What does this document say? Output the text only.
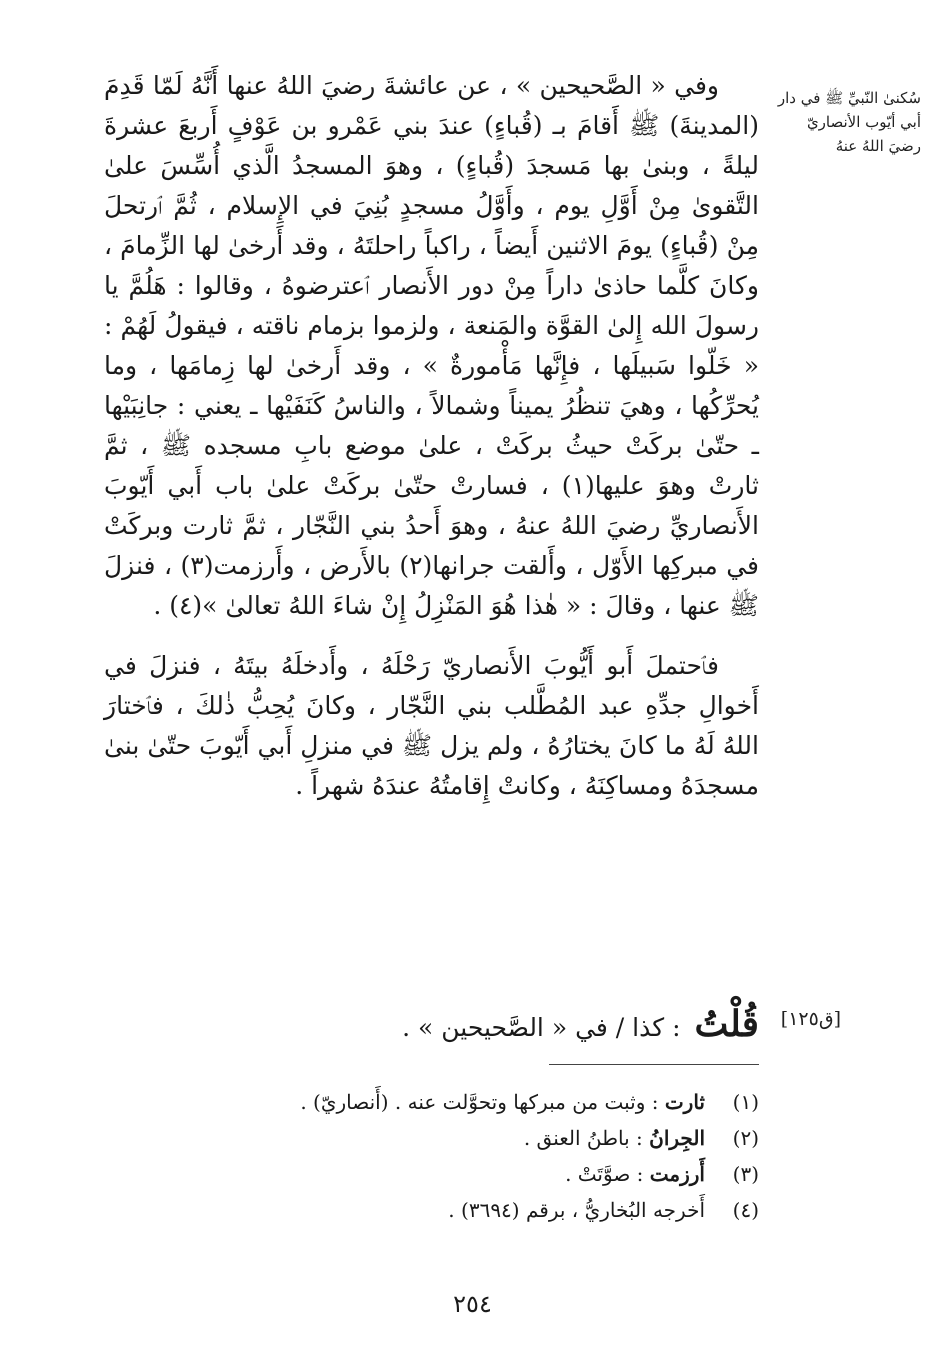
سُكنىٰ النّبيِّ ﷺ في دار
أبي أيّوب الأنصاريّ
رضيَ اللهُ عنهُ

وفي « الصَّحيحين » ، عن عائشةَ رضيَ اللهُ عنها أَنَّهُ لَمّا قَدِمَ (المدينةَ) ﷺ أَقامَ بـ (قُباءٍ) عندَ بني عَمْرو بن عَوْفٍ أَربعَ عشرةَ ليلةً ، وبنىٰ بها مَسجدَ (قُباءٍ) ، وهوَ المسجدُ الَّذي أُسِّسَ علىٰ التَّقوىٰ مِنْ أَوَّلِ يوم ، وأَوَّلُ مسجدٍ بُنِيَ في الإِسلام ، ثُمَّ ٱرتحلَ مِنْ (قُباءٍ) يومَ الاثنين أَيضاً ، راكباً راحلتَهُ ، وقد أَرخىٰ لها الزِّمامَ ، وكانَ كلَّما حاذىٰ داراً مِنْ دور الأَنصار ٱعترضوهُ ، وقالوا : هَلُمَّ يا رسولَ الله إِلىٰ القوَّة والمَنعة ، ولزموا بزمام ناقته ، فيقولُ لَهُمْ : « خَلّوا سَبيلَها ، فإِنَّها مَأْمورةٌ » ، وقد أَرخىٰ لها زِمامَها ، وما يُحرِّكُها ، وهيَ تنظُرُ يميناً وشمالاً ، والناسُ كَنَفَيْها ـ يعني : جانِبَيْها ـ حتّىٰ بركَتْ حيثُ بركَتْ ، علىٰ موضع بابِ مسجده ﷺ ، ثمَّ ثارتْ وهوَ عليها(١) ، فسارتْ حتّىٰ بركَتْ علىٰ باب أَبي أَيّوبَ الأَنصاريِّ رضيَ اللهُ عنهُ ، وهوَ أَحدُ بني النَّجّار ، ثمَّ ثارت وبركَتْ في مبركِها الأَوّل ، وأَلقت جرانها(٢) بالأَرض ، وأَرزمت(٣) ، فنزلَ ﷺ عنها ، وقالَ : « هٰذا هُوَ المَنْزِلُ إِنْ شاءَ اللهُ تعالىٰ »(٤) .

فٱحتملَ أَبو أَيُّوبَ الأَنصاريّ رَحْلَهُ ، وأَدخلَهُ بيتَهُ ، فنزلَ في أَخوالِ جدِّهِ عبد المُطَّلب بني النَّجّار ، وكانَ يُحِبُّ ذٰلكَ ، فٱختارَ اللهُ لَهُ ما كانَ يختارُهُ ، ولم يزل ﷺ في منزلِ أَبي أَيّوبَ حتّىٰ بنىٰ مسجدَهُ ومساكِنَهُ ، وكانتْ إِقامتُهُ عندَهُ شهراً .

[ق١٢٥]
قُلْتُ
: كذا / في « الصَّحيحين » .
(١)
ثارت : وثبت من مبركها وتحوَّلت عنه . (أَنصاريّ) .
(٢)
الجِرانُ : باطنُ العنق .
(٣)
أَرزمت : صوَّتَتْ .
(٤)
أَخرجه البُخاريُّ ، برقم (٣٦٩٤) .
٢٥٤
